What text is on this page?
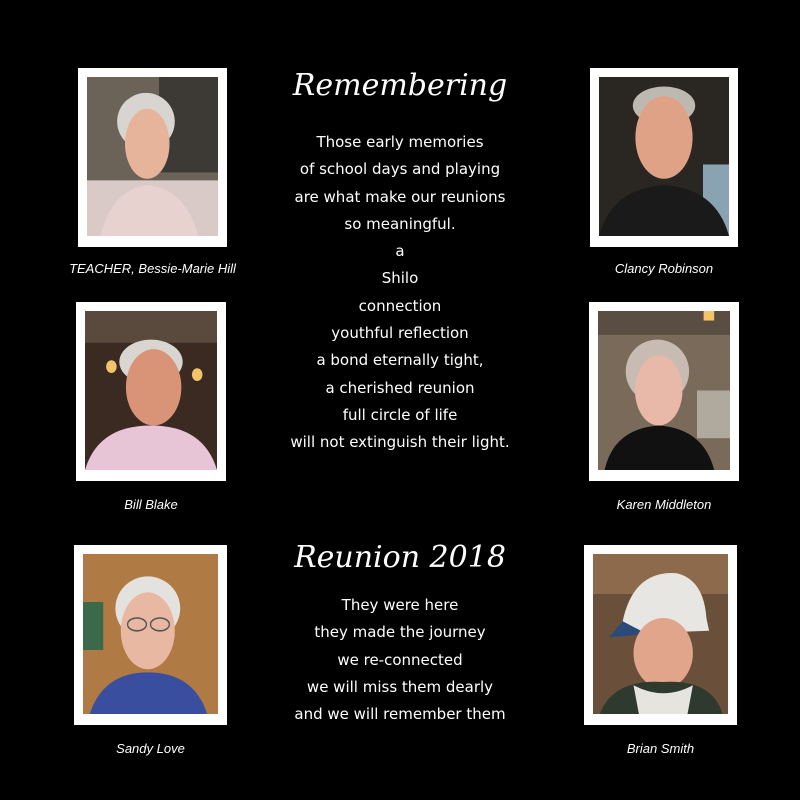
TEACHER, Bessie-Marie Hill	Clancy Robinson
Bill Blake	Karen Middleton
Sandy Love	Brian Smith
Remembering
Those early memories
of school days and playing
are what make our reunions
so meaningful.
a
Shilo
connection
youthful reflection
a bond eternally tight,
a cherished reunion
full circle of life
will not extinguish their light.
Reunion 2018
They were here
they made the journey
we re-connected
we will miss them dearly
and we will remember them
